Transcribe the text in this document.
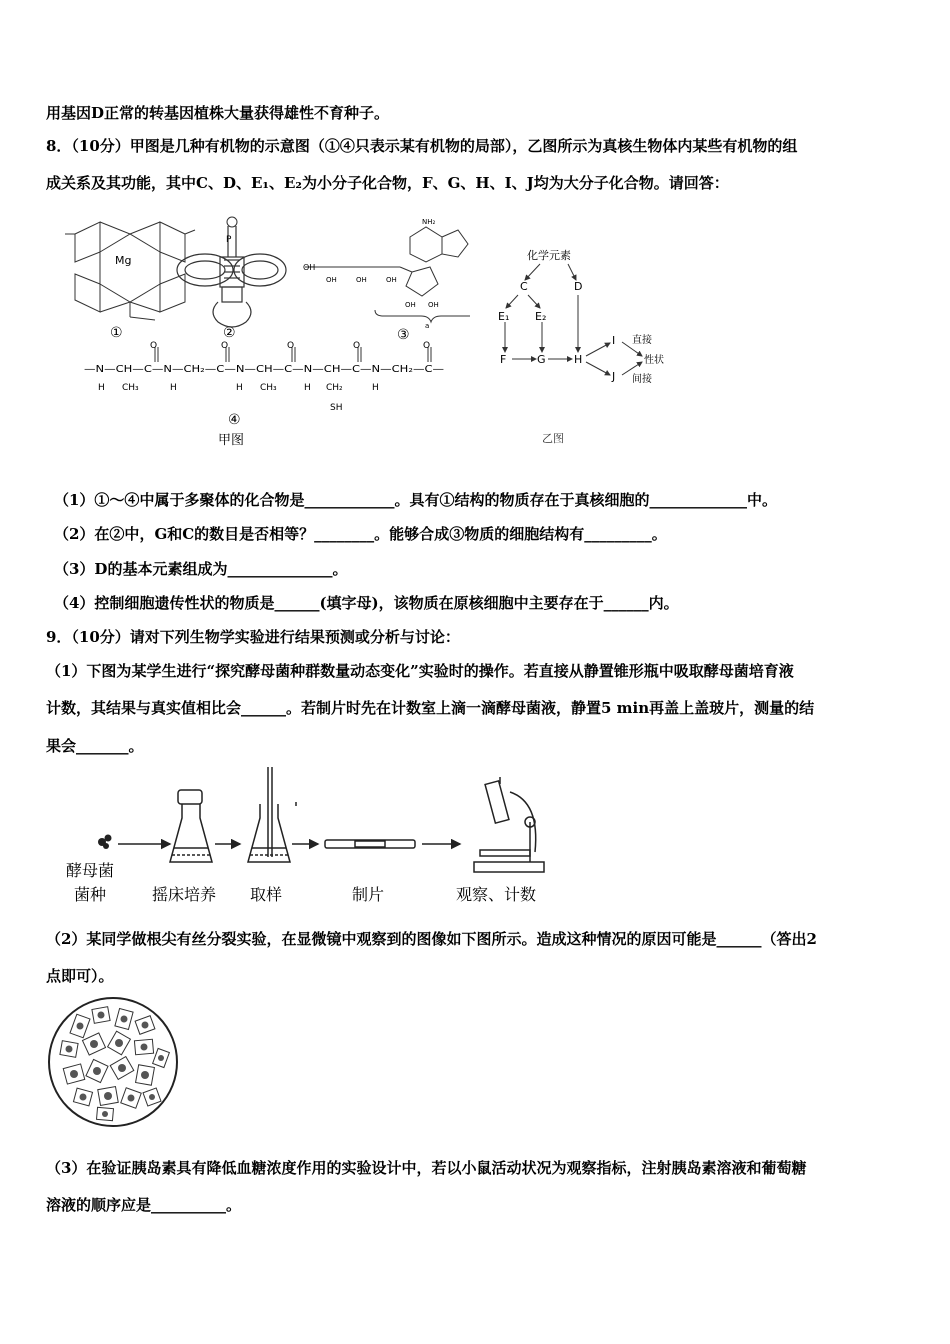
用基因D正常的转基因植株大量获得雄性不育种子。
8．（10分）甲图是几种有机物的示意图（①④只表示某有机物的局部），乙图所示为真核生物体内某些有机物的组
成关系及其功能，其中C、D、E₁、E₂为小分子化合物，F、G、H、I、J均为大分子化合物。请回答：
Mg
①
P
②
NH₂
OH
OH	OH	OH
OH OH
a
③
O	O	O	O	O
—N—CH—C—N—CH₂—C—N—CH—C—N—CH—C—N—CH₂—C—
H CH₃	H	H CH₃	H CH₂	H
SH
④
甲图
化学元素
C	D
E₁ E₂
F	G	H
I
J
直接
性状
间接
乙图
（1）①～④中属于多聚体的化合物是____________。具有①结构的物质存在于真核细胞的_____________中。
（2）在②中，G和C的数目是否相等？________。能够合成③物质的细胞结构有_________。
（3）D的基本元素组成为______________。
（4）控制细胞遗传性状的物质是______(填字母)，该物质在原核细胞中主要存在于______内。
9．（10分）请对下列生物学实验进行结果预测或分析与讨论：
（1）下图为某学生进行“探究酵母菌种群数量动态变化”实验时的操作。若直接从静置锥形瓶中吸取酵母菌培育液
计数，其结果与真实值相比会______。若制片时先在计数室上滴一滴酵母菌液，静置5 min再盖上盖玻片，测量的结
果会_______。
酵母菌
菌种	摇床培养 取样	制片	观察、计数
（2）某同学做根尖有丝分裂实验，在显微镜中观察到的图像如下图所示。造成这种情况的原因可能是______（答出2
点即可）。
（3）在验证胰岛素具有降低血糖浓度作用的实验设计中，若以小鼠活动状况为观察指标，注射胰岛素溶液和葡萄糖
溶液的顺序应是__________。
